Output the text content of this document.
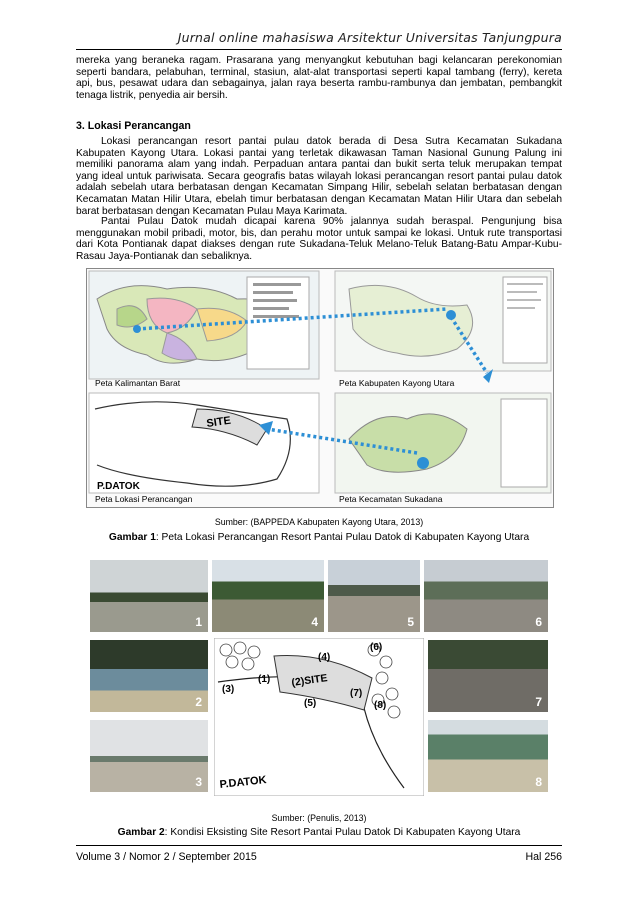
Jurnal online mahasiswa Arsitektur Universitas Tanjungpura
mereka yang beraneka ragam. Prasarana yang menyangkut kebutuhan bagi kelancaran perekonomian seperti bandara, pelabuhan, terminal, stasiun, alat-alat transportasi seperti kapal tambang (ferry), kereta api, bus, pesawat udara dan sebagainya, jalan raya beserta rambu-rambunya dan jembatan, pembangkit tenaga listrik, penyedia air bersih.
3. Lokasi Perancangan
Lokasi perancangan resort pantai pulau datok berada di Desa Sutra Kecamatan Sukadana Kabupaten Kayong Utara. Lokasi pantai yang terletak dikawasan Taman Nasional Gunung Palung ini memiliki panorama alam yang indah. Perpaduan antara pantai dan bukit serta teluk merupakan tempat yang ideal untuk pariwisata. Secara geografis batas wilayah lokasi perancangan resort pantai pulau datok adalah sebelah utara berbatasan dengan Kecamatan Simpang Hilir, sebelah selatan berbatasan dengan Kecamatan Matan Hilir Utara, ebelah timur berbatasan dengan Kecamatan Matan Hilir Utara dan sebelah barat berbatasan dengan Kecamatan Pulau Maya Karimata.
Pantai Pulau Datok mudah dicapai karena 90% jalannya sudah beraspal. Pengunjung bisa menggunakan mobil pribadi, motor, bis, dan perahu motor untuk sampai ke lokasi. Untuk rute transportasi dari Kota Pontianak dapat diakses dengan rute Sukadana-Teluk Melano-Teluk Batang-Batu Ampar-Kubu-Rasau Jaya-Pontianak dan sebaliknya.
Peta Kalimantan Barat	Peta Kabupaten Kayong Utara
Peta Kecamatan Sukadana
SITE
P.DATOK
Peta Lokasi Perancangan
Sumber: (BAPPEDA Kabupaten Kayong Utara, 2013)
Gambar 1: Peta Lokasi Perancangan Resort Pantai Pulau Datok di Kabupaten Kayong Utara
1
2
3
4	5	6
7
8
(1) (2)SITE
(3)
(4)
(5)
(6)
(7)
(8)
P.DATOK
Sumber: (Penulis, 2013)
Gambar 2: Kondisi Eksisting Site Resort Pantai Pulau Datok Di Kabupaten Kayong Utara
Volume 3 / Nomor 2 / September 2015	Hal 256
